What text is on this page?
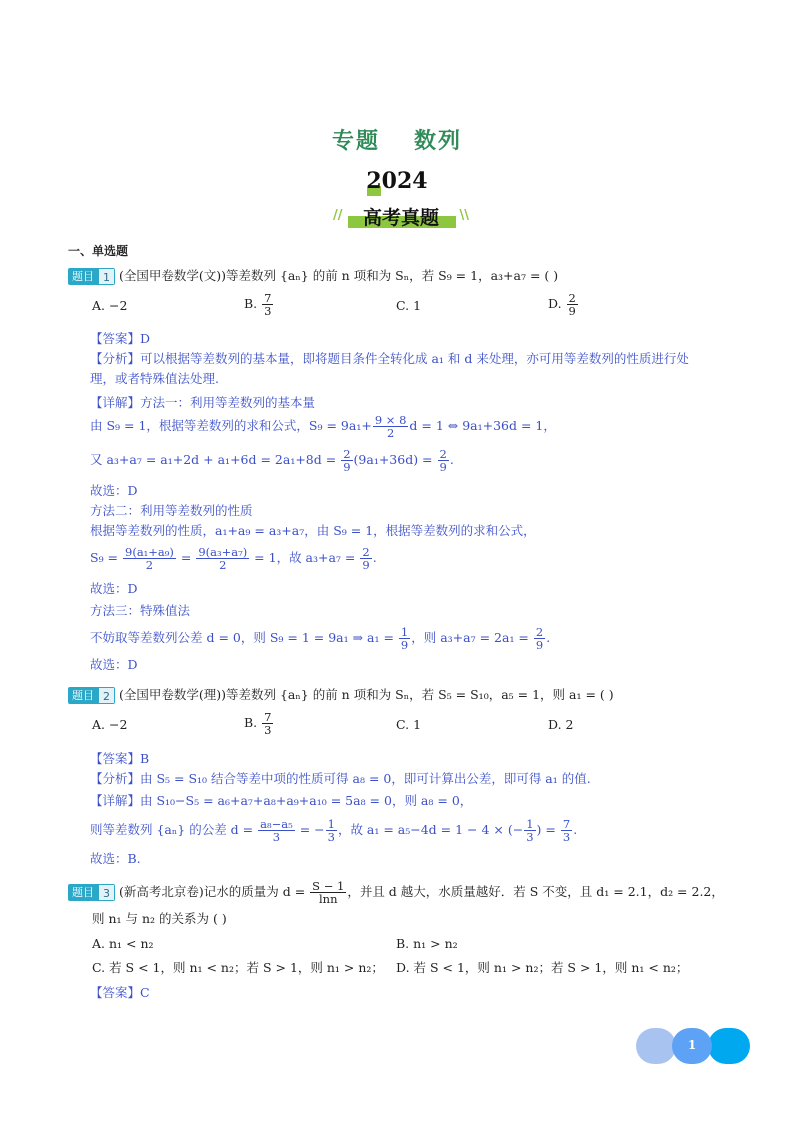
专题 数列
2024
//	高考真题	\\
一、单选题
题目 1 (全国甲卷数学(文))等差数列 {aₙ} 的前 n 项和为 Sₙ，若 S₉ = 1，a₃+a₇ = ( )
A. −2	B. $\frac{7}{3}$	C. 1	D. $\frac{2}{9}$
【答案】D
【分析】可以根据等差数列的基本量，即将题目条件全转化成 a₁ 和 d 来处理，亦可用等差数列的性质进行处
理，或者特殊值法处理.
【详解】方法一：利用等差数列的基本量
由 S₉ = 1，根据等差数列的求和公式，$S_9 = 9a_1+ \frac{9 \times 8}{2}$ d = 1 ⇔ 9a₁+36d = 1，
又 $a_3+a_7 = a_1+2d + a_1+6d = 2a_1+8d = \frac{2}{9} (9a_1+36d) = \frac{2}{9}$ .
故选：D
方法二：利用等差数列的性质
根据等差数列的性质，a₁+a₉ = a₃+a₇，由 S₉ = 1，根据等差数列的求和公式，
$S_9 = \frac{\text{9(a₁+a₉)}}{2} = \frac{\text{9(a₃+a₇)}}{2} = 1$，故 $a_3+a_7 = \frac{2}{9}$ .
故选：D
方法三：特殊值法
不妨取等差数列公差 d = 0，则 S₉ = 1 = 9a₁ ⇒ $a_1 = \frac{1}{9}$ ，则 $a_3+a_7 = 2a_1 = \frac{2}{9}$ .
故选：D
题目 2 (全国甲卷数学(理))等差数列 {aₙ} 的前 n 项和为 Sₙ，若 S₅ = S₁₀，a₅ = 1，则 a₁ = ( )
A. −2	B. $\frac{7}{3}$	C. 1	D. 2
【答案】B
【分析】由 S₅ = S₁₀ 结合等差中项的性质可得 a₈ = 0，即可计算出公差，即可得 a₁ 的值.
【详解】由 S₁₀−S₅ = a₆+a₇+a₈+a₉+a₁₀ = 5a₈ = 0，则 a₈ = 0，
则等差数列 {aₙ} 的公差 $d = \frac{\text{a₈−a₅}}{3}$ = − $\frac{1}{3}$ ，故 a₁ = a₅−4d = 1 − 4 × (− $\frac{1}{3}$ ) = $\frac{7}{3}$ .
故选：B.
题目 3 (新高考北京卷)记水的质量为 $d = \frac{S - 1}{\ln n}$ ，并且 d 越大，水质量越好．若 S 不变，且 d₁ = 2.1，d₂ = 2.2，
则 n₁ 与 n₂ 的关系为 ( )
A. n₁ < n₂	B. n₁ > n₂
C. 若 S < 1，则 n₁ < n₂；若 S > 1，则 n₁ > n₂； D. 若 S < 1，则 n₁ > n₂；若 S > 1，则 n₁ < n₂；
【答案】C
1
